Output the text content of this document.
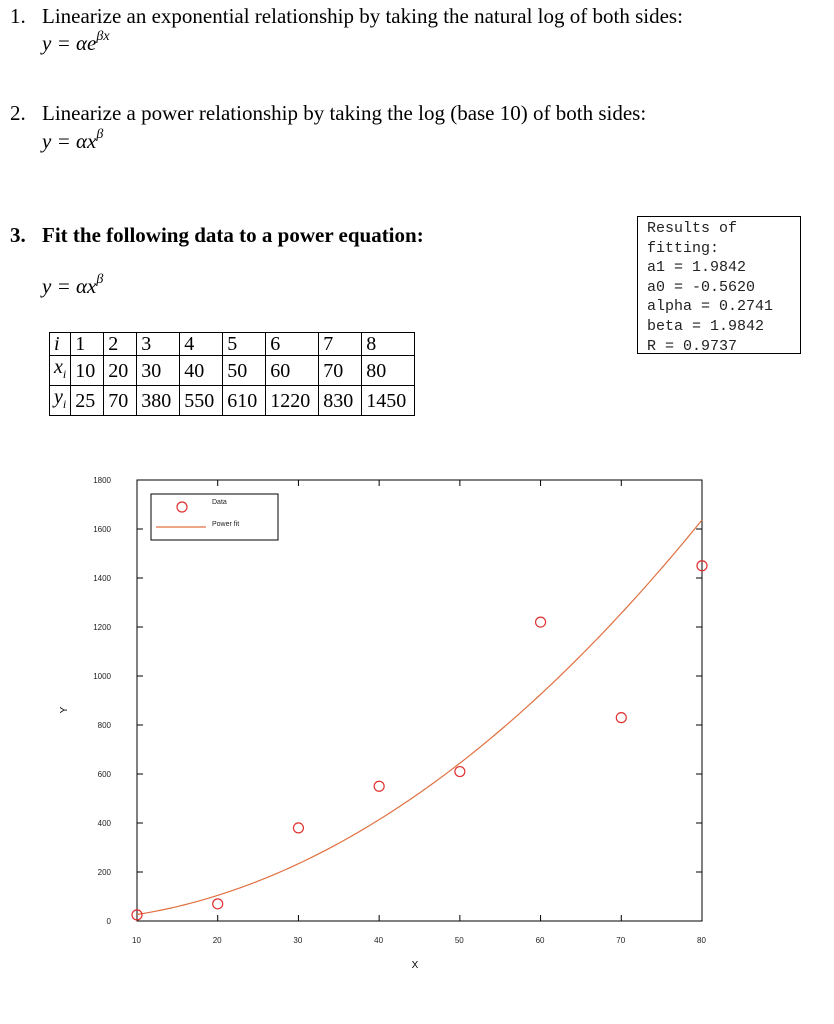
1. Linearize an exponential relationship by taking the natural log of both sides:
$y = \alpha e^{\beta x}$
2. Linearize a power relationship by taking the log (base 10) of both sides:
$y = \alpha x^\beta$
3. Fit the following data to a power equation:
$y = \alpha x^\beta$
i	1	2	3	4	5	6	7	8
$x_i$	10	20	30	40	50	60	70	80
$y_i$	25	70	380	550	610	1220	830	1450
Results of
fitting:
a1 = 1.9842
a0 = -0.5620
alpha = 0.2741
beta = 1.9842
R = 0.9737
10	20	30	40	50	60	70	80
0
200
400
600
800
1000
1200
1400
1600
1800
Data
Power fit
X
Y
